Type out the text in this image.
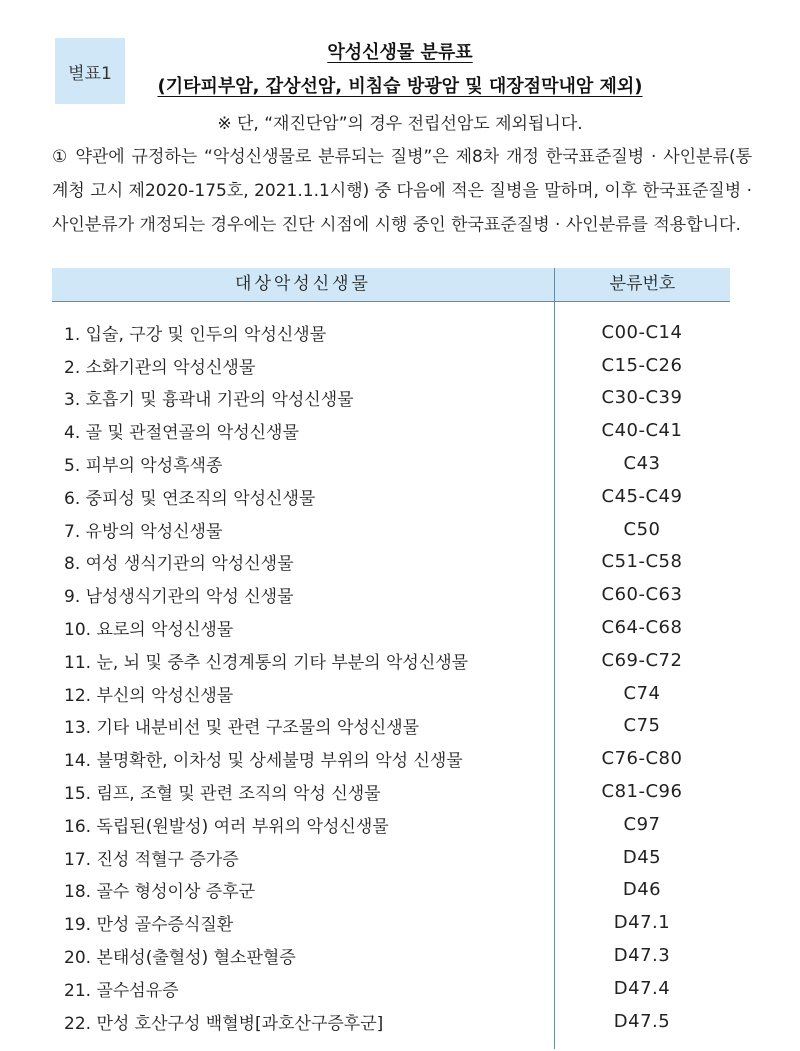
별표1
악성신생물 분류표
(기타피부암, 갑상선암, 비침습 방광암 및 대장점막내암 제외)
※ 단, “재진단암”의 경우 전립선암도 제외됩니다.
① 약관에 규정하는 “악성신생물로 분류되는 질병”은 제8차 개정 한국표준질병 · 사인분류(통계청 고시 제2020-175호, 2021.1.1시행) 중 다음에 적은 질병을 말하며, 이후 한국표준질병 · 사인분류가 개정되는 경우에는 진단 시점에 시행 중인 한국표준질병 · 사인분류를 적용합니다.
대상악성신생물	분류번호
1. 입술, 구강 및 인두의 악성신생물	C00-C14
2. 소화기관의 악성신생물	C15-C26
3. 호흡기 및 흉곽내 기관의 악성신생물	C30-C39
4. 골 및 관절연골의 악성신생물	C40-C41
5. 피부의 악성흑색종	C43
6. 중피성 및 연조직의 악성신생물	C45-C49
7. 유방의 악성신생물	C50
8. 여성 생식기관의 악성신생물	C51-C58
9. 남성생식기관의 악성 신생물	C60-C63
10. 요로의 악성신생물	C64-C68
11. 눈, 뇌 및 중추 신경계통의 기타 부분의 악성신생물	C69-C72
12. 부신의 악성신생물	C74
13. 기타 내분비선 및 관련 구조물의 악성신생물	C75
14. 불명확한, 이차성 및 상세불명 부위의 악성 신생물	C76-C80
15. 림프, 조혈 및 관련 조직의 악성 신생물	C81-C96
16. 독립된(원발성) 여러 부위의 악성신생물	C97
17. 진성 적혈구 증가증	D45
18. 골수 형성이상 증후군	D46
19. 만성 골수증식질환	D47.1
20. 본태성(출혈성) 혈소판혈증	D47.3
21. 골수섬유증	D47.4
22. 만성 호산구성 백혈병[과호산구증후군]	D47.5
